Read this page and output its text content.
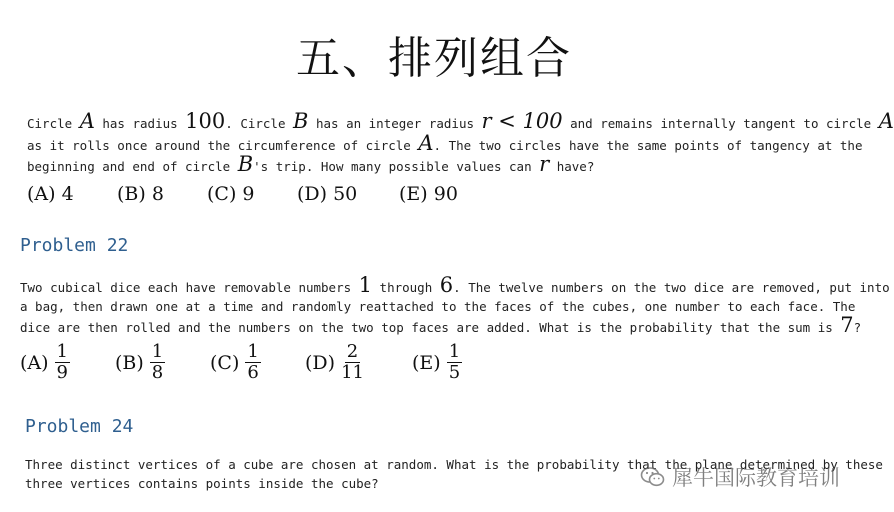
五、排列组合
Circle A has radius 100. Circle B has an integer radius r < 100 and remains internally tangent to circle A
as it rolls once around the circumference of circle A. The two circles have the same points of tangency at the
beginning and end of circle B's trip. How many possible values can r have?
(A) 4 (B) 8 (C) 9 (D) 50 (E) 90
Problem 22
Two cubical dice each have removable numbers 1 through 6. The twelve numbers on the two dice are removed, put into
a bag, then drawn one at a time and randomly reattached to the faces of the cubes, one number to each face. The
dice are then rolled and the numbers on the two top faces are added. What is the probability that the sum is 7?
$(A) \frac{1}{9} (B) \frac{1}{8} (C) \frac{1}{6} (D) \frac{2}{11}$	$(E) \frac{1}{5}$
Problem 24
Three distinct vertices of a cube are chosen at random. What is the probability that the plane determined by these
three vertices contains points inside the cube?	犀牛国际教育培训
